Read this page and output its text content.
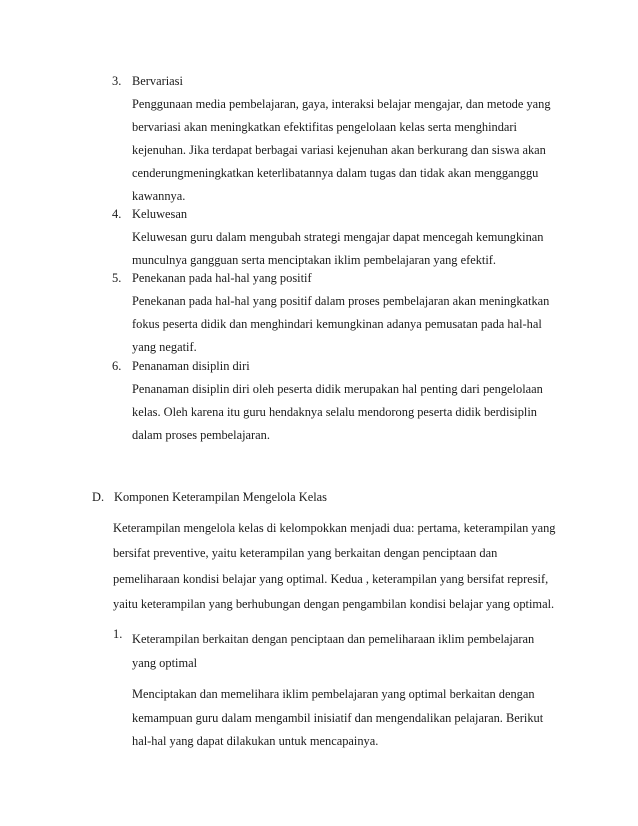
3. Bervariasi
Penggunaan media pembelajaran, gaya, interaksi belajar mengajar, dan metode yang
bervariasi akan meningkatkan efektifitas pengelolaan kelas serta menghindari
kejenuhan. Jika terdapat berbagai variasi kejenuhan akan berkurang dan siswa akan
cenderungmeningkatkan keterlibatannya dalam tugas dan tidak akan mengganggu
kawannya.
4. Keluwesan
Keluwesan guru dalam mengubah strategi mengajar dapat mencegah kemungkinan
munculnya gangguan serta menciptakan iklim pembelajaran yang efektif.
5. Penekanan pada hal-hal yang positif
Penekanan pada hal-hal yang positif dalam proses pembelajaran akan meningkatkan
fokus peserta didik dan menghindari kemungkinan adanya pemusatan pada hal-hal
yang negatif.
6. Penanaman disiplin diri
Penanaman disiplin diri oleh peserta didik merupakan hal penting dari pengelolaan
kelas. Oleh karena itu guru hendaknya selalu mendorong peserta didik berdisiplin
dalam proses pembelajaran.
D. Komponen Keterampilan Mengelola Kelas
Keterampilan mengelola kelas di kelompokkan menjadi dua: pertama, keterampilan yang
bersifat preventive, yaitu keterampilan yang berkaitan dengan penciptaan dan
pemeliharaan kondisi belajar yang optimal. Kedua , keterampilan yang bersifat represif,
yaitu keterampilan yang berhubungan dengan pengambilan kondisi belajar yang optimal.
1. Keterampilan berkaitan dengan penciptaan dan pemeliharaan iklim pembelajaran
yang optimal
Menciptakan dan memelihara iklim pembelajaran yang optimal berkaitan dengan
kemampuan guru dalam mengambil inisiatif dan mengendalikan pelajaran. Berikut
hal-hal yang dapat dilakukan untuk mencapainya.
